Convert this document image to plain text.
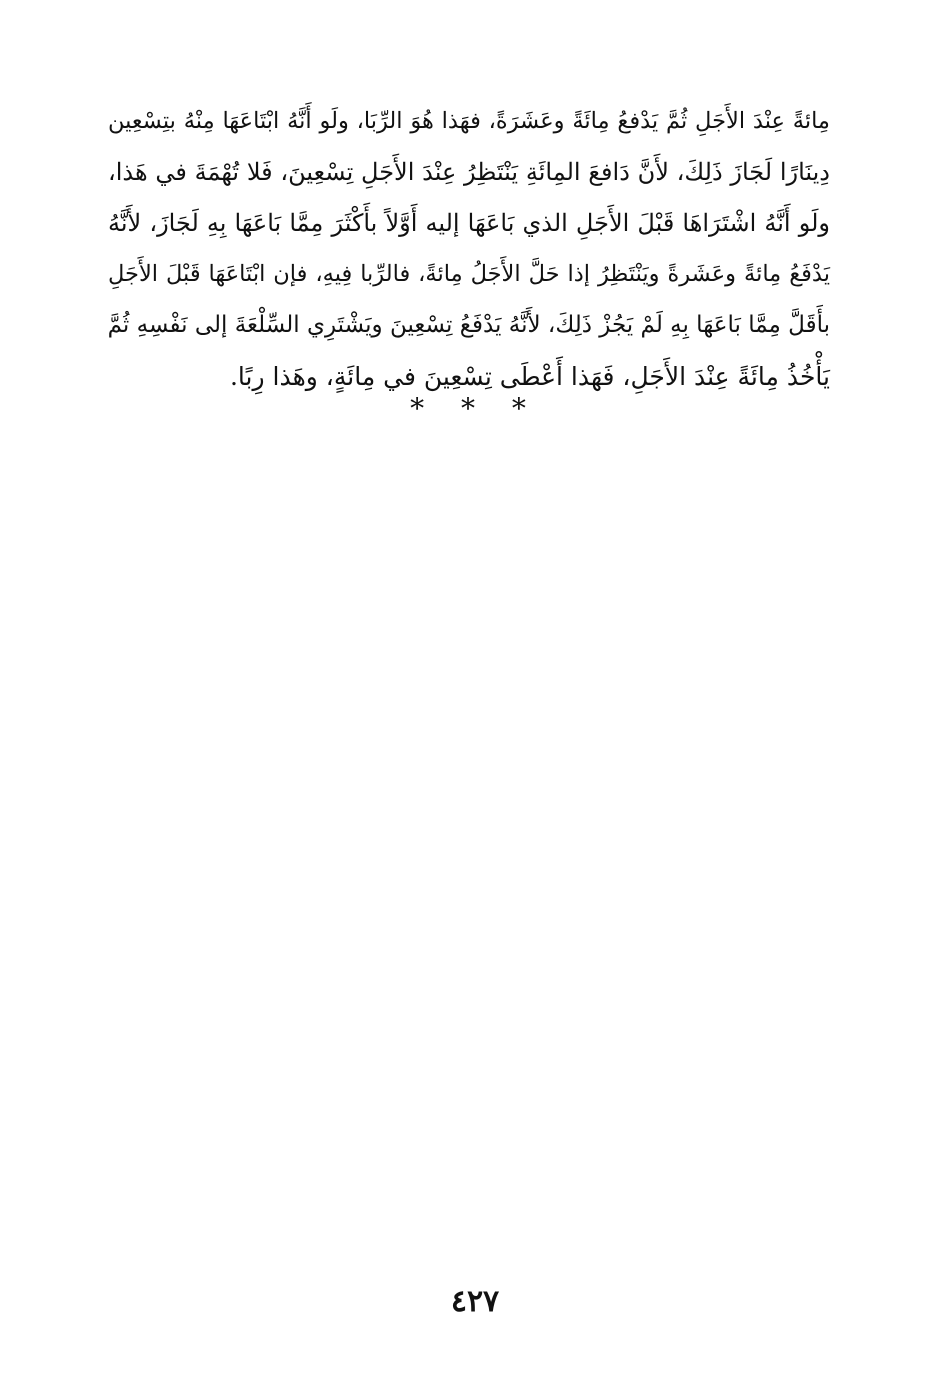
مِائةً عِنْدَ الأَجَلِ ثُمَّ يَدْفعُ مِائَةً وعَشَرَةً، فهَذا هُوَ الرِّبَا، ولَو أَنَّهُ ابْتَاعَهَا مِنْهُ بتِسْعِين
دِينَارًا لَجَازَ ذَلِكَ، لأَنَّ دَافعَ المِائَةِ يَنْتَظِرُ عِنْدَ الأَجَلِ تِسْعِينَ، فَلا تُهْمَةَ في هَذا،
ولَو أَنَّهُ اشْتَرَاهَا قَبْلَ الأَجَلِ الذي بَاعَهَا إليه أَوَّلاً بأَكْثَرَ مِمَّا بَاعَهَا بِهِ لَجَازَ، لأَنَّهُ
يَدْفَعُ مِائةً وعَشَرةً ويَنْتَظِرُ إذا حَلَّ الأَجَلُ مِائةً، فالرِّبا فِيهِ، فإن ابْتَاعَهَا قَبْلَ الأَجَلِ
بأَقَلَّ مِمَّا بَاعَهَا بِهِ لَمْ يَجُزْ ذَلِكَ، لأَنَّهُ يَدْفَعُ تِسْعِينَ ويَشْتَرِي السِّلْعَةَ إلى نَفْسِهِ ثُمَّ
يَأْخُذُ مِائَةً عِنْدَ الأَجَلِ، فَهَذا أَعْطَى تِسْعِينَ في مِائَةٍ، وهَذا رِبًا.
* * *
٤٢٧
